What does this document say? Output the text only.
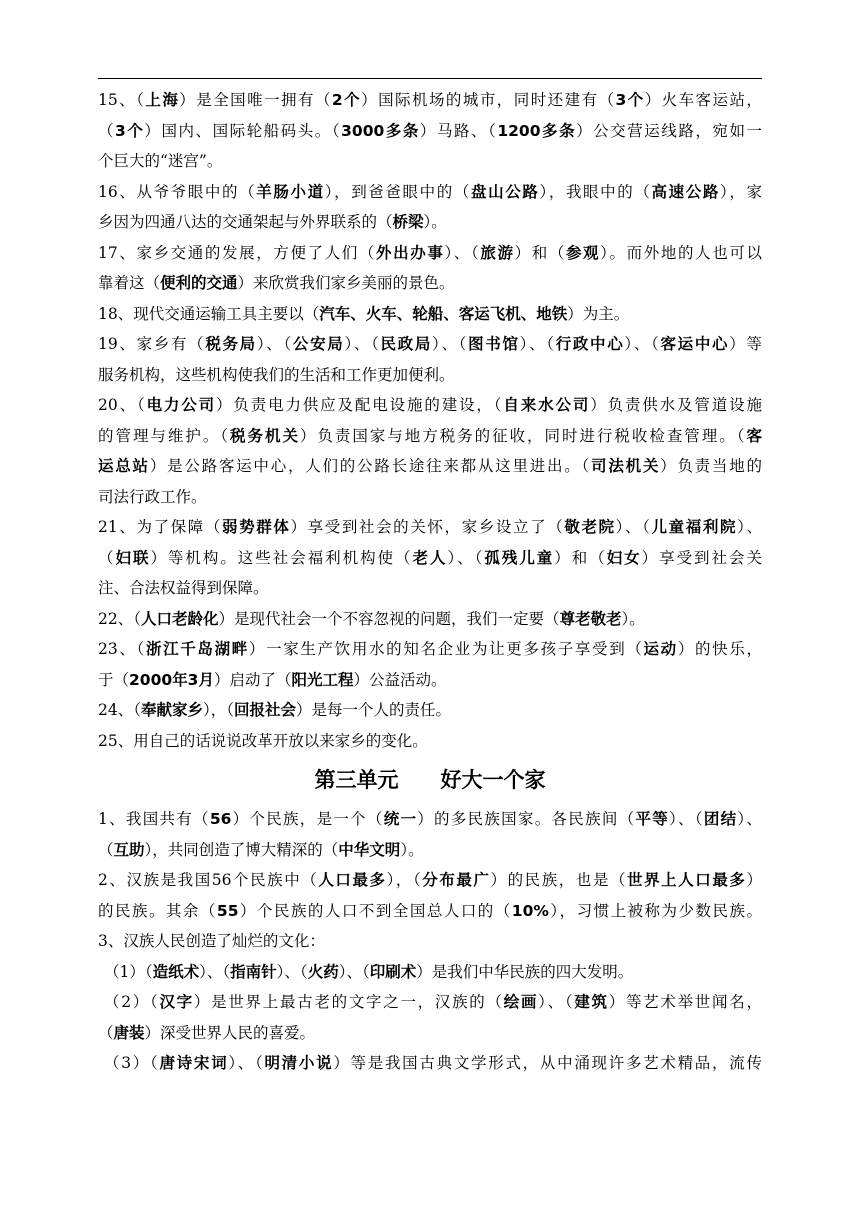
15、（上海）是全国唯一拥有（2个）国际机场的城市，同时还建有（3个）火车客运站，
（3个）国内、国际轮船码头。（3000多条）马路、（1200多条）公交营运线路，宛如一
个巨大的“迷宫”。
16、从爷爷眼中的（羊肠小道），到爸爸眼中的（盘山公路），我眼中的（高速公路），家
乡因为四通八达的交通架起与外界联系的（桥梁）。
17、家乡交通的发展，方便了人们（外出办事）、（旅游）和（参观）。而外地的人也可以
靠着这（便利的交通）来欣赏我们家乡美丽的景色。
18、现代交通运输工具主要以（汽车、火车、轮船、客运飞机、地铁）为主。
19、家乡有（税务局）、（公安局）、（民政局）、（图书馆）、（行政中心）、（客运中心）等
服务机构，这些机构使我们的生活和工作更加便利。
20、（电力公司）负责电力供应及配电设施的建设，（自来水公司）负责供水及管道设施
的管理与维护。（税务机关）负责国家与地方税务的征收，同时进行税收检查管理。（客
运总站）是公路客运中心，人们的公路长途往来都从这里进出。（司法机关）负责当地的
司法行政工作。
21、为了保障（弱势群体）享受到社会的关怀，家乡设立了（敬老院）、（儿童福利院）、
（妇联）等机构。这些社会福利机构使（老人）、（孤残儿童）和（妇女）享受到社会关
注、合法权益得到保障。
22、（人口老龄化）是现代社会一个不容忽视的问题，我们一定要（尊老敬老）。
23、（浙江千岛湖畔）一家生产饮用水的知名企业为让更多孩子享受到（运动）的快乐，
于（2000年3月）启动了（阳光工程）公益活动。
24、（奉献家乡），（回报社会）是每一个人的责任。
25、用自己的话说说改革开放以来家乡的变化。
第三单元　　好大一个家
1、我国共有（56）个民族，是一个（统一）的多民族国家。各民族间（平等）、（团结）、
（互助），共同创造了博大精深的（中华文明）。
2、汉族是我国56个民族中（人口最多），（分布最广）的民族，也是（世界上人口最多）
的民族。其余（55）个民族的人口不到全国总人口的（10%），习惯上被称为少数民族。
3、汉族人民创造了灿烂的文化：
（1）（造纸术）、（指南针）、（火药）、（印刷术）是我们中华民族的四大发明。
（2）（汉字）是世界上最古老的文字之一，汉族的（绘画）、（建筑）等艺术举世闻名，
（唐装）深受世界人民的喜爱。
（3）（唐诗宋词）、（明清小说）等是我国古典文学形式，从中涌现许多艺术精品，流传
